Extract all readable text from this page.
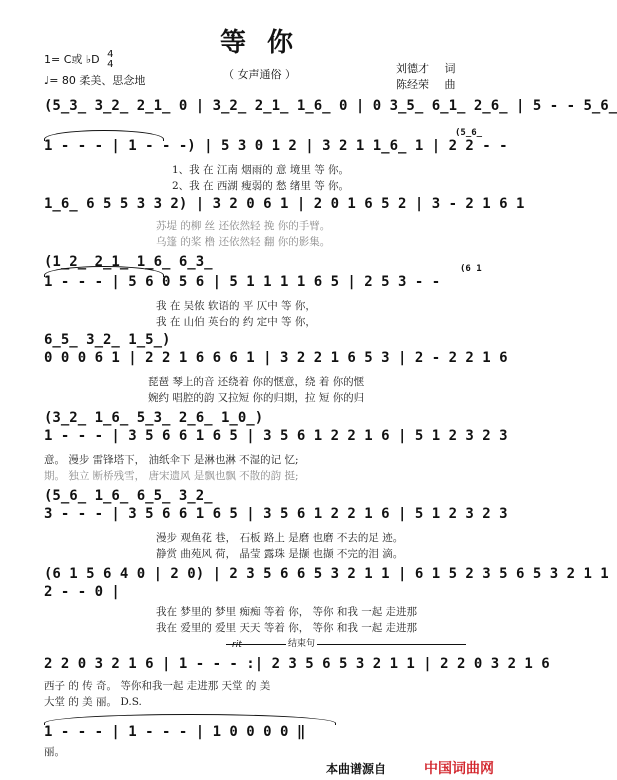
等 你
（ 女声通俗 ）
1= C或 ♭D 4
4
♩= 80 柔美、思念地
刘德才 词
陈经荣 曲
(5̲3̲ 3̲2̲ 2̲1̲ 0 | 3̲2̲ 2̲1̲ 1̲6̲ 0 | 0 3̲5̲ 6̲1̲ 2̲6̲ | 5 - - 5̲6̲
1 - - - | 1 - - -) | 5 3 0 1 2 | 3 2 1 1̲6̲ 1 | 2 2 - -
(5̲6̲
1、我 在 江南 烟雨的 意 境里 等 你。
2、我 在 西湖 瘦弱的 愁 绪里 等 你。
1̲6̲ 6 5 5 3 3 2) | 3 2 0 6 1 | 2 0 1 6 5 2 | 3 - 2 1 6 1
苏堤 的柳 丝 还依然轻 挽 你的手臂。
乌篷 的桨 橹 还依然轻 翻 你的影集。
(1̲2̲ 2̲1̲ 1̲6̲ 6̲3̲
1 - - - | 5 6 0 5 6 | 5 1 1 1 1 6 5 | 2 5 3 - -
(6 1
我 在 吴侬 软语的 平 仄中 等 你，
我 在 山伯 英台的 约 定中 等 你，
6̲5̲ 3̲2̲ 1̲5̲)
0 0 0 6 1 | 2 2 1 6 6 6 1 | 3 2 2 1 6 5 3 | 2 - 2 2 1 6
琵琶 琴上的音 还绕着 你的惬意，绕 着 你的惬
婉约 唱腔的韵 又拉短 你的归期，拉 短 你的归
(3̲2̲ 1̲6̲ 5̲3̲ 2̲6̲ 1̲0̲)
1 - - - | 3 5 6 6 1 6 5 | 3 5 6 1 2 2 1 6 | 5 1 2 3 2 3
意。 漫步 雷锋塔下， 油纸伞下 是淋也淋 不湿的记 忆;
期。 独立 断桥残雪， 唐宋遗风 是飘也飘 不散的韵 挺;
(5̲6̲ 1̲6̲ 6̲5̲ 3̲2̲
3 - - - | 3 5 6 6 1 6 5 | 3 5 6 1 2 2 1 6 | 5 1 2 3 2 3
漫步 观鱼花 巷， 石板 路上 是磨 也磨 不去的足 迹。
静赏 曲苑风 荷， 晶莹 露珠 是撷 也撷 不完的泪 滴。
(6 1 5 6 4 0 | 2 0) | 2 3 5 6 6 5 3 2 1 1 | 6 1 5 2 3 5 6 5 3 2 1 1
2 - - 0 |
我在 梦里的 梦里 痴痴 等着 你， 等你 和我 一起 走进那
我在 爱里的 爱里 天天 等着 你， 等你 和我 一起 走进那
rit	结束句
2 2 0 3 2 1 6 | 1 - - - :| 2 3 5 6 5 3 2 1 1 | 2 2 0 3 2 1 6
西子 的 传 奇。 等你和我一起 走进那 天堂 的 美
大堂 的 美 丽。 D.S.
1 - - - | 1 - - - | 1 0 0 0 0 ‖
丽。
本曲谱源自	中国词曲网
